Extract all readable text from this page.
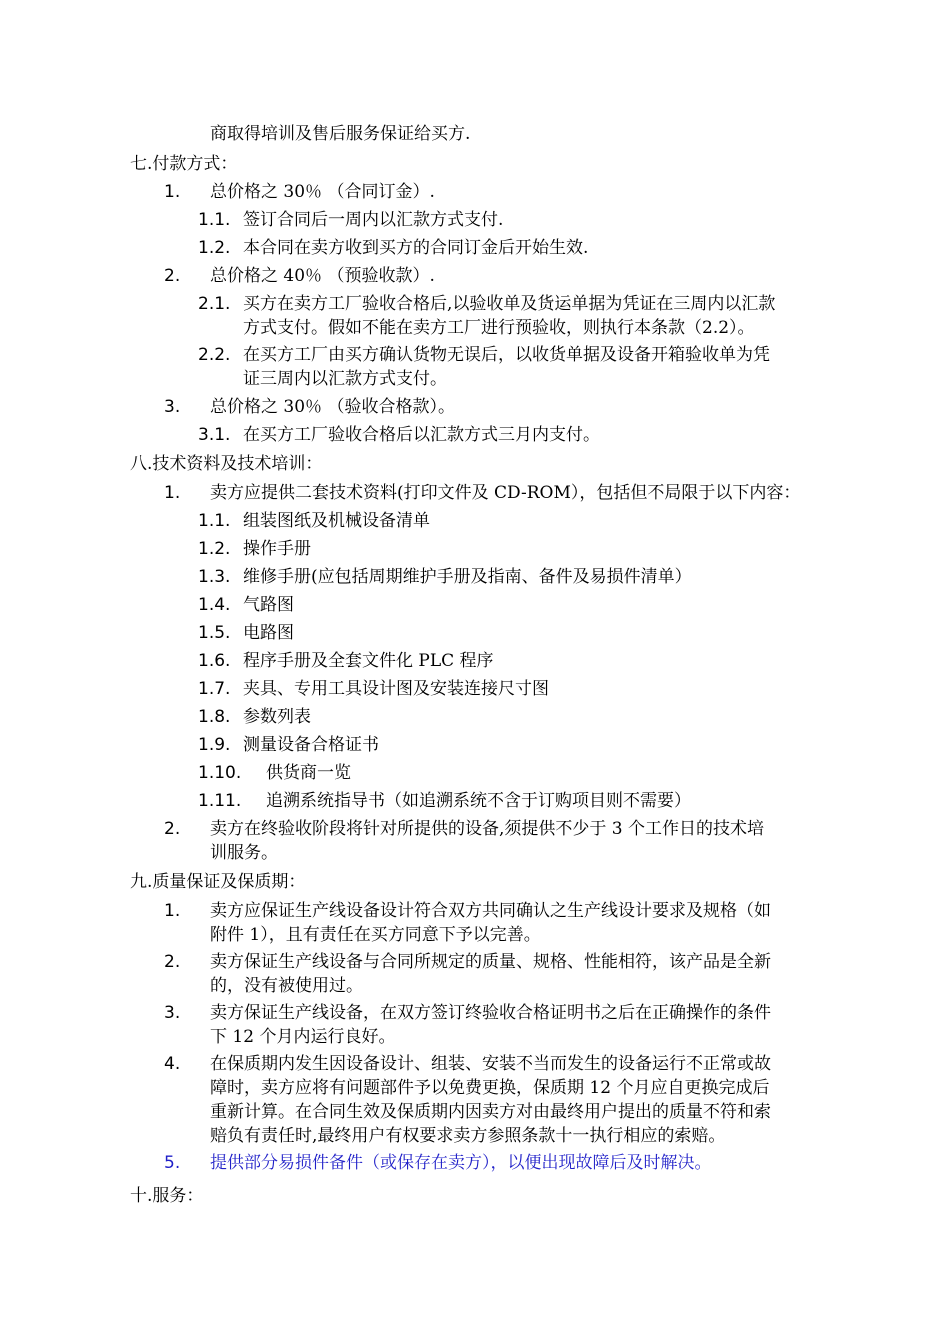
商取得培训及售后服务保证给买方.
七.付款方式：
1. 总价格之 30％ （合同订金）.
1.1. 签订合同后一周内以汇款方式支付.
1.2. 本合同在卖方收到买方的合同订金后开始生效.
2. 总价格之 40％ （预验收款）.
2.1. 买方在卖方工厂验收合格后,以验收单及货运单据为凭证在三周内以汇款
方式支付。假如不能在卖方工厂进行预验收，则执行本条款（2.2）。
2.2. 在买方工厂由买方确认货物无误后，以收货单据及设备开箱验收单为凭
证三周内以汇款方式支付。
3. 总价格之 30％ （验收合格款）。
3.1. 在买方工厂验收合格后以汇款方式三月内支付。
八.技术资料及技术培训：
1. 卖方应提供二套技术资料(打印文件及 CD-ROM），包括但不局限于以下内容：
1.1. 组装图纸及机械设备清单
1.2. 操作手册
1.3. 维修手册(应包括周期维护手册及指南、备件及易损件清单）
1.4. 气路图
1.5. 电路图
1.6. 程序手册及全套文件化 PLC 程序
1.7. 夹具、专用工具设计图及安装连接尺寸图
1.8. 参数列表
1.9. 测量设备合格证书
1.10. 供货商一览
1.11. 追溯系统指导书（如追溯系统不含于订购项目则不需要）
2. 卖方在终验收阶段将针对所提供的设备,须提供不少于 3 个工作日的技术培
训服务。
九.质量保证及保质期：
1. 卖方应保证生产线设备设计符合双方共同确认之生产线设计要求及规格（如
附件 1），且有责任在买方同意下予以完善。
2. 卖方保证生产线设备与合同所规定的质量、规格、性能相符，该产品是全新
的，没有被使用过。
3. 卖方保证生产线设备，在双方签订终验收合格证明书之后在正确操作的条件
下 12 个月内运行良好。
4. 在保质期内发生因设备设计、组装、安装不当而发生的设备运行不正常或故
障时，卖方应将有问题部件予以免费更换，保质期 12 个月应自更换完成后
重新计算。在合同生效及保质期内因卖方对由最终用户提出的质量不符和索
赔负有责任时,最终用户有权要求卖方参照条款十一执行相应的索赔。
5. 提供部分易损件备件（或保存在卖方），以便出现故障后及时解决。
十.服务：
